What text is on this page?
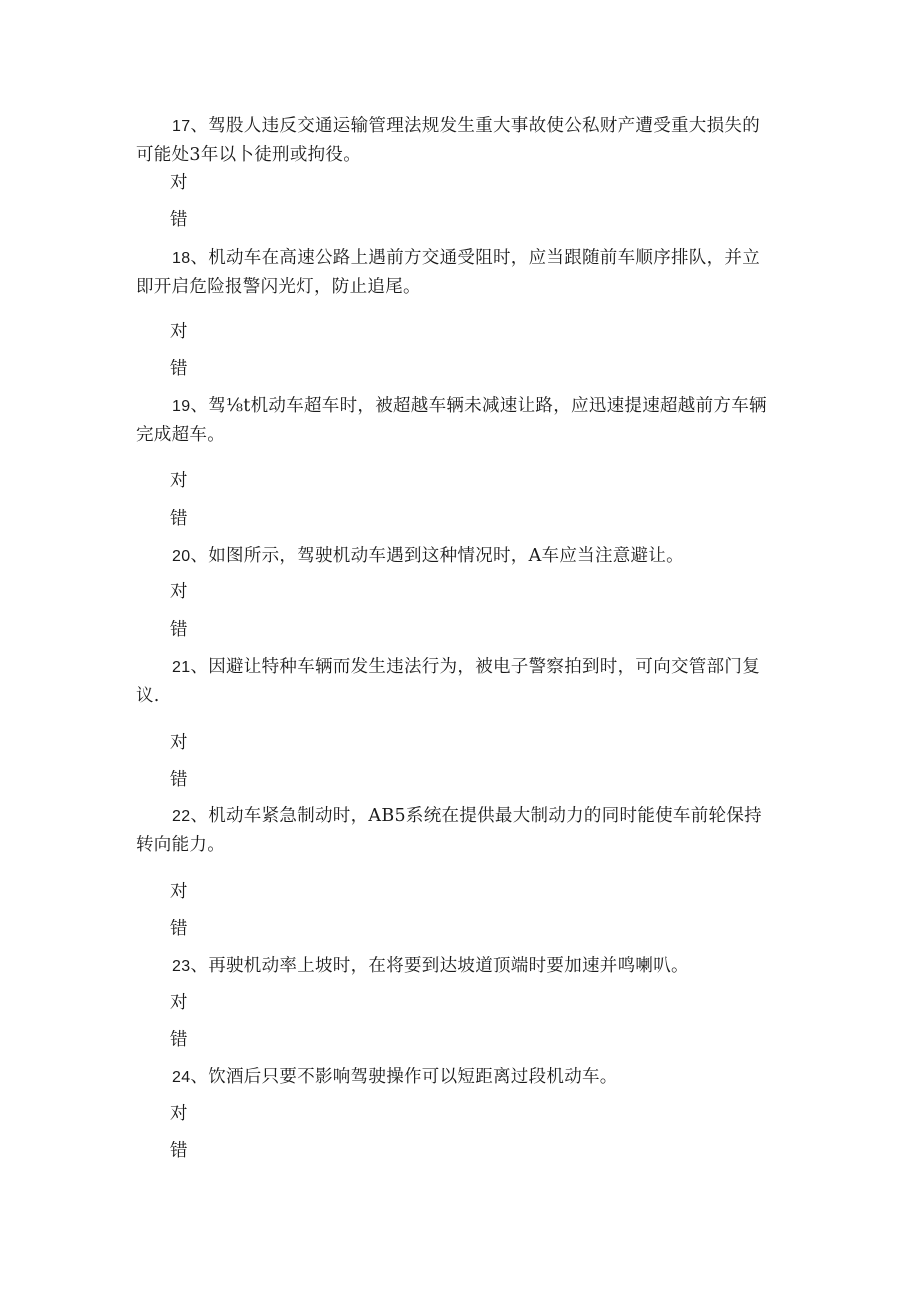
17、驾股人违反交通运输管理法规发生重大事故使公私财产遭受重大损失的可能处3年以卜徒刑或拘役。

对
错

18、机动车在高速公路上遇前方交通受阻时，应当跟随前车顺序排队，并立即开启危险报警闪光灯，防止追尾。

对
错

19、驾⅛t机动车超车时，被超越车辆未减速让路，应迅速提速超越前方车辆完成超车。

对
错

20、如图所示，驾驶机动车遇到这种情况时，A车应当注意避让。

对
错

21、因避让特种车辆而发生违法行为，被电子警察拍到时，可向交管部门复议.

对
错

22、机动车紧急制动时，AB5系统在提供最大制动力的同时能使车前轮保持转向能力。

对
错

23、再驶机动率上坡时，在将要到达坡道顶端时要加速并鸣喇叭。

对
错

24、饮酒后只要不影响驾驶操作可以短距离过段机动车。

对
错
